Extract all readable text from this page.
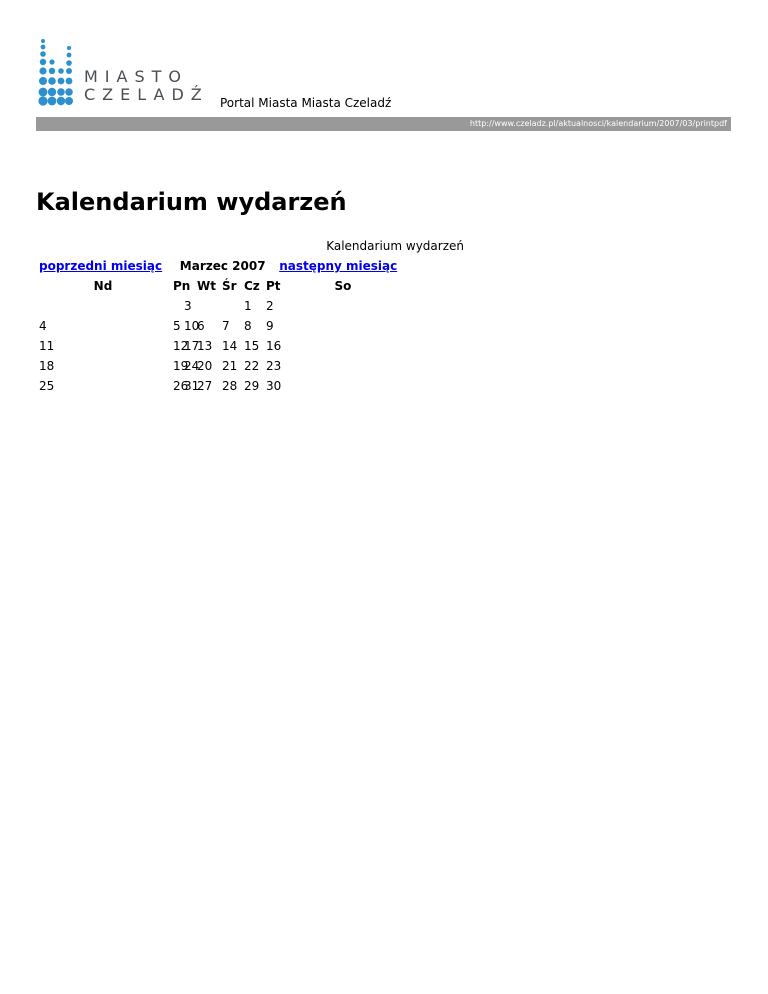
MIASTO
CZELADŹ Portal Miasta Miasta Czeladź
http://www.czeladz.pl/aktualnosci/kalendarium/2007/03/printpdf
Kalendarium wydarzeń
Kalendarium wydarzeń
poprzedni miesiąc Marzec 2007 następny miesiąc
Nd	Pn	Wt	Śr	Cz	Pt	So
				1	2	3
4	5	6	7	8	9	10
11	12	13	14	15	16	17
18	19	20	21	22	23	24
25	26	27	28	29	30	31
